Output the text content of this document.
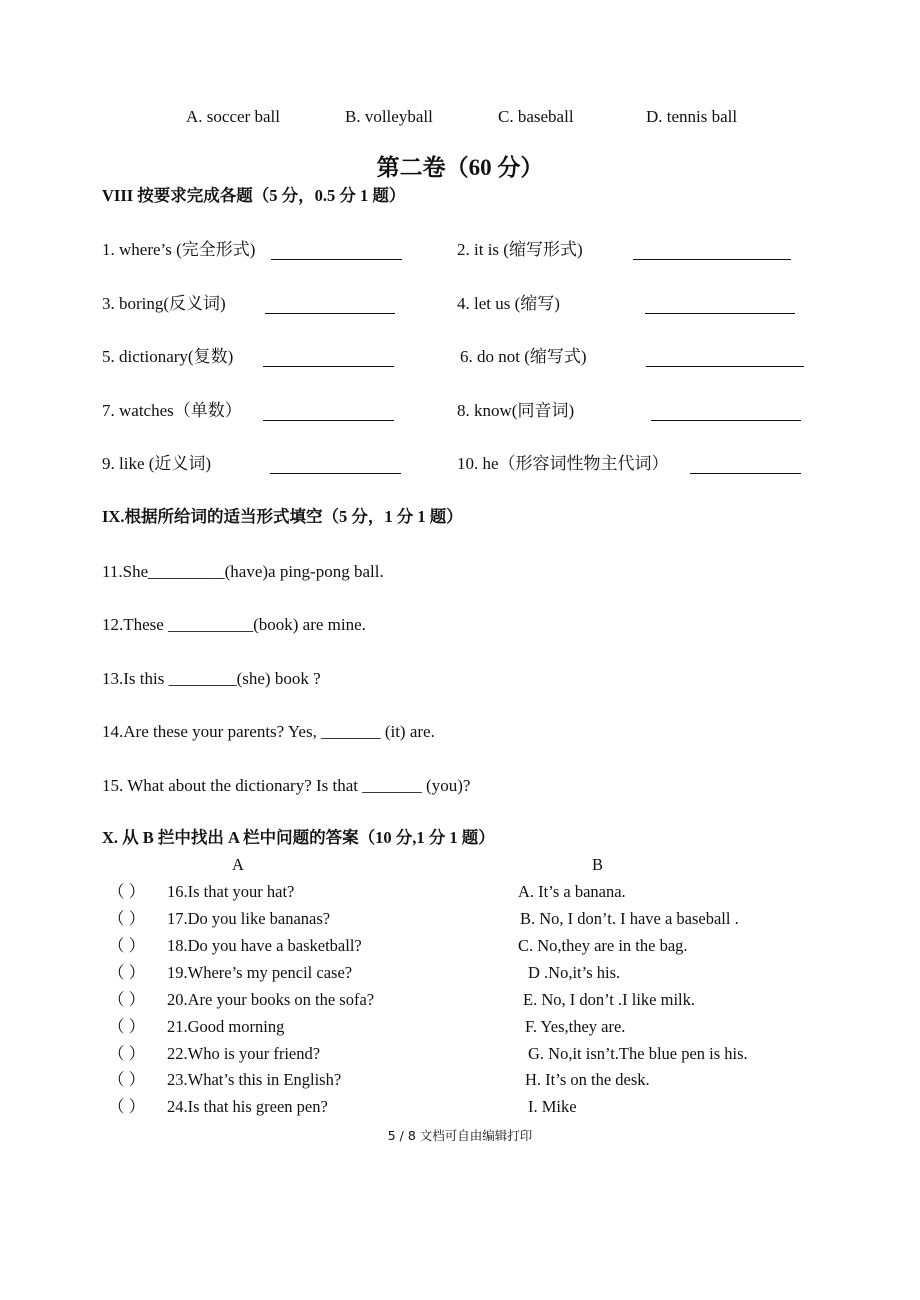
A. soccer ball	B. volleyball	C. baseball	D. tennis ball
第二卷（60 分）
VIII 按要求完成各题（5 分，0.5 分 1 题）
1. where’s (完全形式)	2. it is (缩写形式)
3. boring(反义词)	4. let us (缩写)
5. dictionary(复数)	6. do not (缩写式)
7. watches（单数）	8. know(同音词)
9. like (近义词)	10. he（形容词性物主代词）
IX.根据所给词的适当形式填空（5 分，1 分 1 题）
11.She_________(have)a ping-pong ball.
12.These __________(book) are mine.
13.Is this ________(she) book ?
14.Are these your parents? Yes, _______ (it) are.
15. What about the dictionary? Is that _______ (you)?
X. 从 B 拦中找出 A 栏中问题的答案（10 分,1 分 1 题）
A	B
（ ） 16.Is that your hat?	A. It’s a banana.
（ ） 17.Do you like bananas?	B. No, I don’t. I have a baseball .
（ ） 18.Do you have a basketball?	C. No,they are in the bag.
（ ） 19.Where’s my pencil case?	D .No,it’s his.
（ ） 20.Are your books on the sofa?	E. No, I don’t .I like milk.
（ ） 21.Good morning	F. Yes,they are.
（ ） 22.Who is your friend?	G. No,it isn’t.The blue pen is his.
（ ） 23.What’s this in English?	H. It’s on the desk.
（ ） 24.Is that his green pen?	I. Mike
5 / 8 文档可自由编辑打印
